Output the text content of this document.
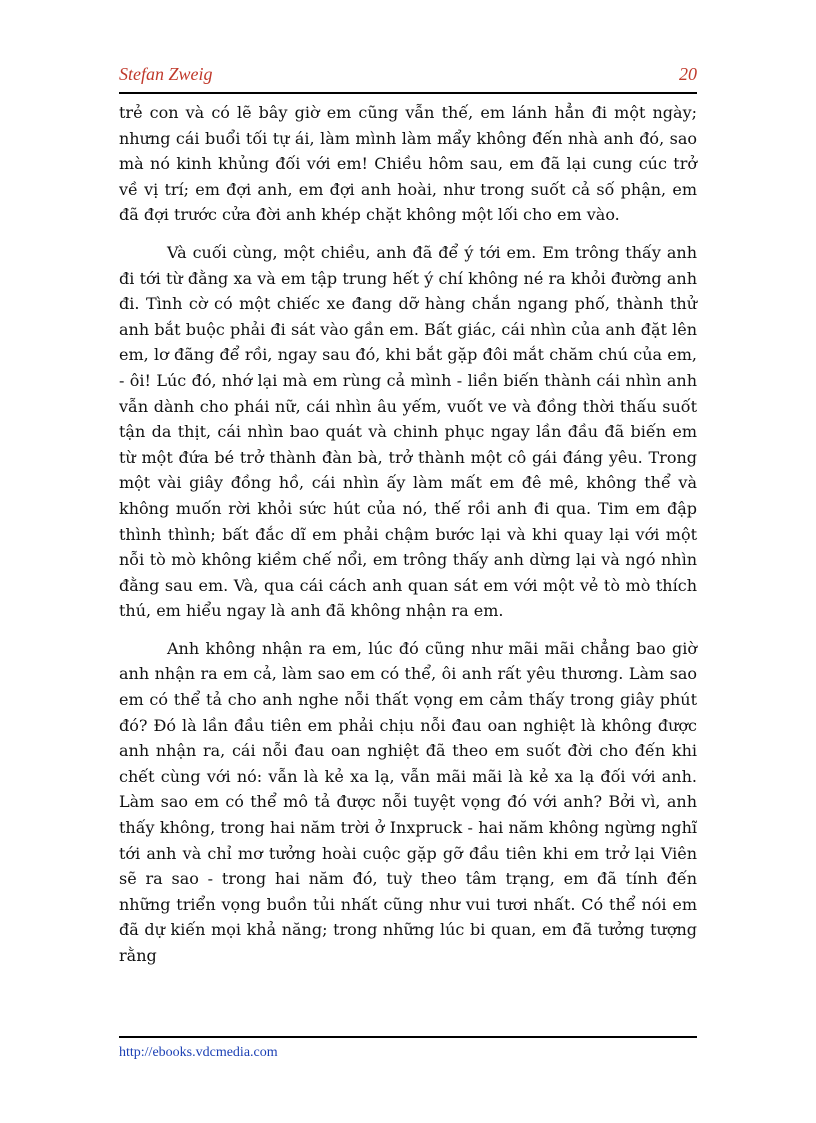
Stefan Zweig	20

trẻ con và có lẽ bây giờ em cũng vẫn thế, em lánh hẳn đi một ngày; nhưng cái buổi tối tự ái, làm mình làm mẩy không đến nhà anh đó, sao mà nó kinh khủng đối với em! Chiều hôm sau, em đã lại cung cúc trở về vị trí; em đợi anh, em đợi anh hoài, như trong suốt cả số phận, em đã đợi trước cửa đời anh khép chặt không một lối cho em vào.

Và cuối cùng, một chiều, anh đã để ý tới em. Em trông thấy anh đi tới từ đằng xa và em tập trung hết ý chí không né ra khỏi đường anh đi. Tình cờ có một chiếc xe đang dỡ hàng chắn ngang phố, thành thử anh bắt buộc phải đi sát vào gần em. Bất giác, cái nhìn của anh đặt lên em, lơ đãng để rồi, ngay sau đó, khi bắt gặp đôi mắt chăm chú của em, - ôi! Lúc đó, nhớ lại mà em rùng cả mình - liền biến thành cái nhìn anh vẫn dành cho phái nữ, cái nhìn âu yếm, vuốt ve và đồng thời thấu suốt tận da thịt, cái nhìn bao quát và chinh phục ngay lần đầu đã biến em từ một đứa bé trở thành đàn bà, trở thành một cô gái đáng yêu. Trong một vài giây đồng hồ, cái nhìn ấy làm mất em đê mê, không thể và không muốn rời khỏi sức hút của nó, thế rồi anh đi qua. Tim em đập thình thình; bất đắc dĩ em phải chậm bước lại và khi quay lại với một nỗi tò mò không kiềm chế nổi, em trông thấy anh dừng lại và ngó nhìn đằng sau em. Và, qua cái cách anh quan sát em với một vẻ tò mò thích thú, em hiểu ngay là anh đã không nhận ra em.

Anh không nhận ra em, lúc đó cũng như mãi mãi chẳng bao giờ anh nhận ra em cả, làm sao em có thể, ôi anh rất yêu thương. Làm sao em có thể tả cho anh nghe nỗi thất vọng em cảm thấy trong giây phút đó? Đó là lần đầu tiên em phải chịu nỗi đau oan nghiệt là không được anh nhận ra, cái nỗi đau oan nghiệt đã theo em suốt đời cho đến khi chết cùng với nó: vẫn là kẻ xa lạ, vẫn mãi mãi là kẻ xa lạ đối với anh. Làm sao em có thể mô tả được nỗi tuyệt vọng đó với anh? Bởi vì, anh thấy không, trong hai năm trời ở Inxpruck - hai năm không ngừng nghĩ tới anh và chỉ mơ tưởng hoài cuộc gặp gỡ đầu tiên khi em trở lại Viên sẽ ra sao - trong hai năm đó, tuỳ theo tâm trạng, em đã tính đến những triển vọng buồn tủi nhất cũng như vui tươi nhất. Có thể nói em đã dự kiến mọi khả năng; trong những lúc bi quan, em đã tưởng tượng rằng

http://ebooks.vdcmedia.com
